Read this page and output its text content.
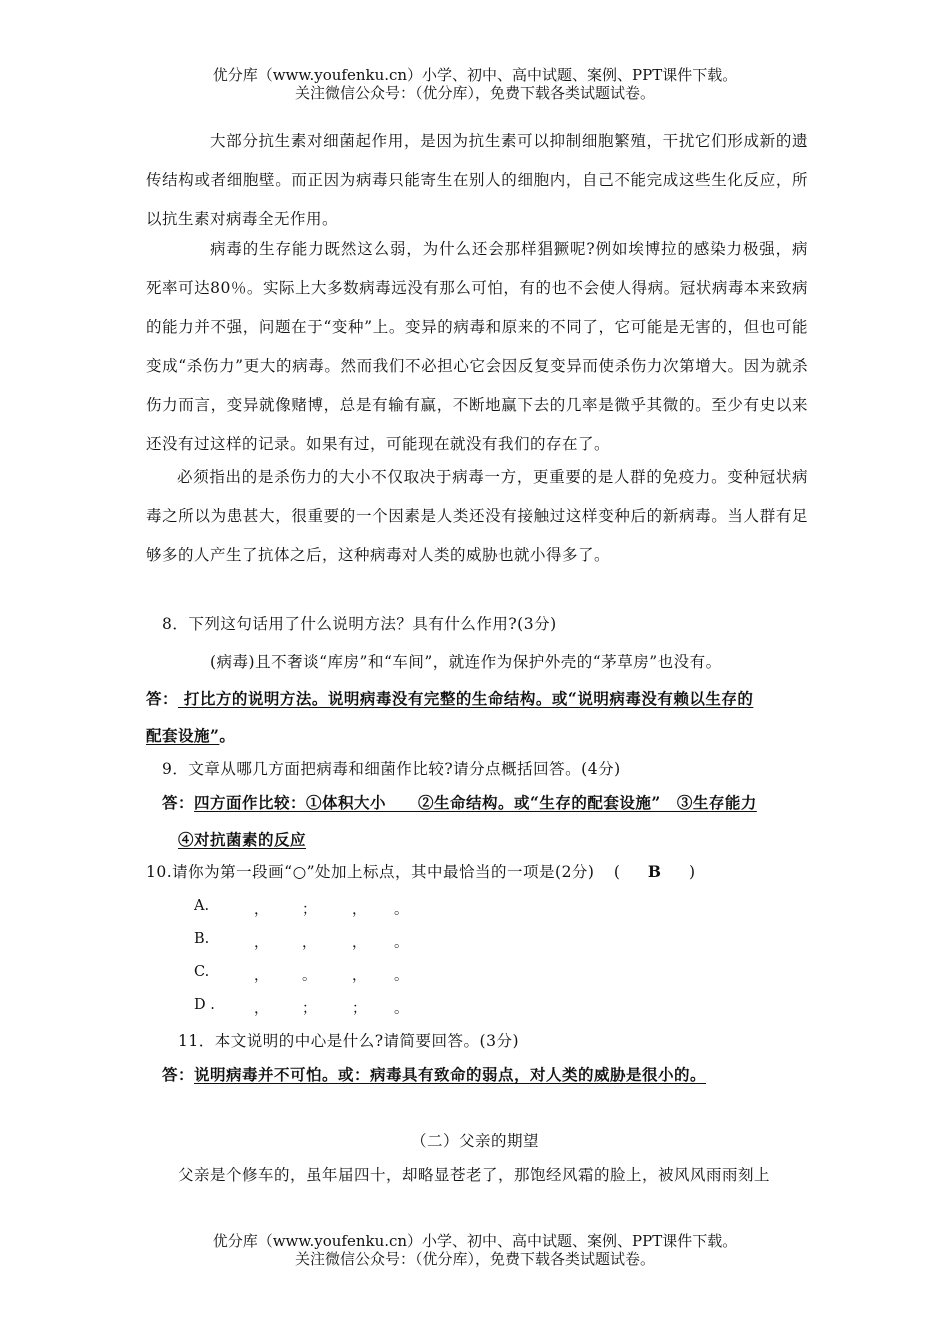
优分库（www.youfenku.cn）小学、初中、高中试题、案例、PPT课件下载。
关注微信公众号：（优分库），免费下载各类试题试卷。
大部分抗生素对细菌起作用，是因为抗生素可以抑制细胞繁殖，干扰它们形成新的遗传结构或者细胞壁。而正因为病毒只能寄生在别人的细胞内，自己不能完成这些生化反应，所以抗生素对病毒全无作用。
病毒的生存能力既然这么弱，为什么还会那样猖獗呢?例如埃博拉的感染力极强，病死率可达80％。实际上大多数病毒远没有那么可怕，有的也不会使人得病。冠状病毒本来致病的能力并不强，问题在于“变种”上。变异的病毒和原来的不同了，它可能是无害的，但也可能变成“杀伤力”更大的病毒。然而我们不必担心它会因反复变异而使杀伤力次第增大。因为就杀伤力而言，变异就像赌博，总是有输有赢，不断地赢下去的几率是微乎其微的。至少有史以来还没有过这样的记录。如果有过，可能现在就没有我们的存在了。
必须指出的是杀伤力的大小不仅取决于病毒一方，更重要的是人群的免疫力。变种冠状病毒之所以为患甚大，很重要的一个因素是人类还没有接触过这样变种后的新病毒。当人群有足够多的人产生了抗体之后，这种病毒对人类的威胁也就小得多了。
8．下列这句话用了什么说明方法？具有什么作用?(3分)
(病毒)且不奢谈“库房”和“车间”，就连作为保护外壳的“茅草房”也没有。
答： 打比方的说明方法。说明病毒没有完整的生命结构。或“说明病毒没有赖以生存的
配套设施”。
9．文章从哪几方面把病毒和细菌作比较?请分点概括回答。(4分)
答：四方面作比较：①体积大小　　②生命结构。或“生存的配套设施”　③生存能力
④对抗菌素的反应
10.请你为第一段画“○”处加上标点，其中最恰当的一项是(2分) ( B )
A.	， ； ， 。
B.	， ， ， 。
C.	， 。 ， 。
D .	， ； ； 。
11．本文说明的中心是什么?请简要回答。(3分)
答：说明病毒并不可怕。或：病毒具有致命的弱点，对人类的威胁是很小的。
（二）父亲的期望
父亲是个修车的，虽年届四十，却略显苍老了，那饱经风霜的脸上，被风风雨雨刻上
优分库（www.youfenku.cn）小学、初中、高中试题、案例、PPT课件下载。
关注微信公众号：（优分库），免费下载各类试题试卷。
